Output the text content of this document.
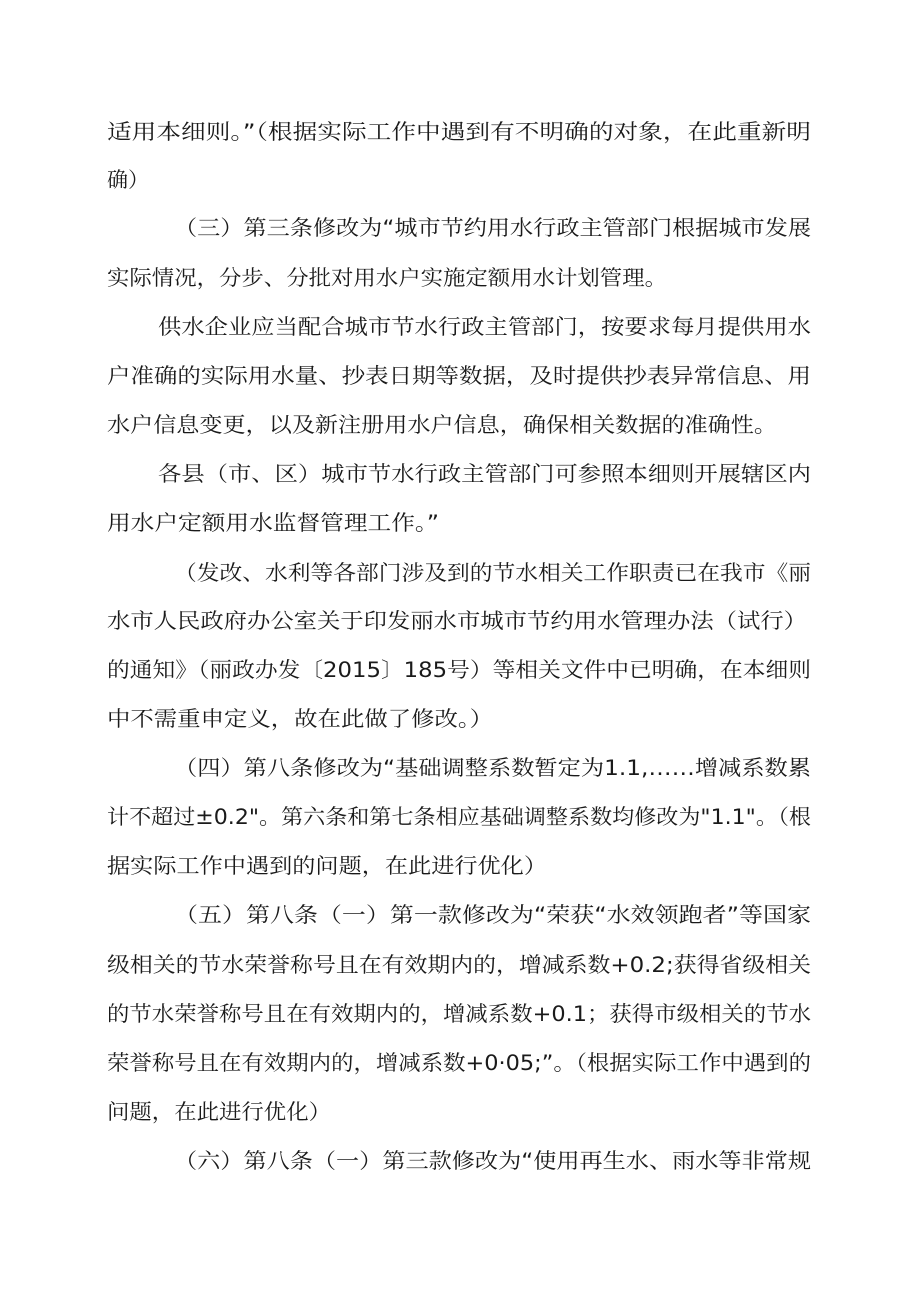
适用本细则。”（根据实际工作中遇到有不明确的对象，在此重新明
确）
（三）第三条修改为“城市节约用水行政主管部门根据城市发展
实际情况，分步、分批对用水户实施定额用水计划管理。
供水企业应当配合城市节水行政主管部门，按要求每月提供用水
户准确的实际用水量、抄表日期等数据，及时提供抄表异常信息、用
水户信息变更，以及新注册用水户信息，确保相关数据的准确性。
各县（市、区）城市节水行政主管部门可参照本细则开展辖区内
用水户定额用水监督管理工作。”
（发改、水利等各部门涉及到的节水相关工作职责已在我市《丽
水市人民政府办公室关于印发丽水市城市节约用水管理办法（试行）
的通知》（丽政办发〔2015〕185号）等相关文件中已明确，在本细则
中不需重申定义，故在此做了修改。）
（四）第八条修改为“基础调整系数暂定为1.1,……增减系数累
计不超过±0.2"。第六条和第七条相应基础调整系数均修改为"1.1"。（根
据实际工作中遇到的问题，在此进行优化）
（五）第八条（一）第一款修改为“荣获“水效领跑者”等国家
级相关的节水荣誉称号且在有效期内的，增减系数+0.2;获得省级相关
的节水荣誉称号且在有效期内的，增减系数+0.1；获得市级相关的节水
荣誉称号且在有效期内的，增减系数+0·05;”。（根据实际工作中遇到的
问题，在此进行优化）
（六）第八条（一）第三款修改为“使用再生水、雨水等非常规
